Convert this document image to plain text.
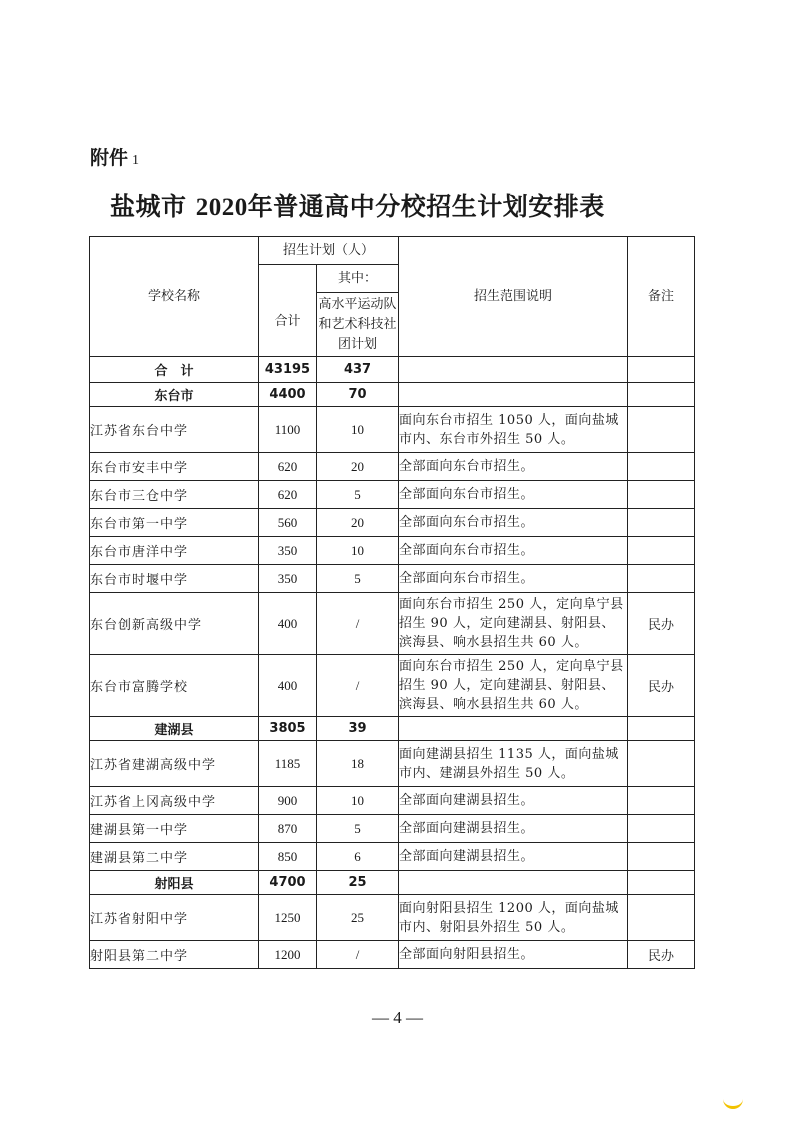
附件 1
盐城市 2020年普通高中分校招生计划安排表
学校名称	招生计划（人）		招生范围说明	备注
	合计	其中：		
		高水平运动队和艺术科技社团计划		
合　计	43195	437		
东台市	4400	70		
江苏省东台中学	1100	10	面向东台市招生 1050 人，面向盐城市内、东台市外招生 50 人。	
东台市安丰中学	620	20	全部面向东台市招生。	
东台市三仓中学	620	5	全部面向东台市招生。	
东台市第一中学	560	20	全部面向东台市招生。	
东台市唐洋中学	350	10	全部面向东台市招生。	
东台市时堰中学	350	5	全部面向东台市招生。	
东台创新高级中学	400	/	面向东台市招生 250 人，定向阜宁县招生 90 人，定向建湖县、射阳县、滨海县、响水县招生共 60 人。	民办
东台市富腾学校	400	/	面向东台市招生 250 人，定向阜宁县招生 90 人，定向建湖县、射阳县、滨海县、响水县招生共 60 人。	民办
建湖县	3805	39		
江苏省建湖高级中学	1185	18	面向建湖县招生 1135 人，面向盐城市内、建湖县外招生 50 人。	
江苏省上冈高级中学	900	10	全部面向建湖县招生。	
建湖县第一中学	870	5	全部面向建湖县招生。	
建湖县第二中学	850	6	全部面向建湖县招生。	
射阳县	4700	25		
江苏省射阳中学	1250	25	面向射阳县招生 1200 人，面向盐城市内、射阳县外招生 50 人。	
射阳县第二中学	1200	/	全部面向射阳县招生。	民办
— 4 —
